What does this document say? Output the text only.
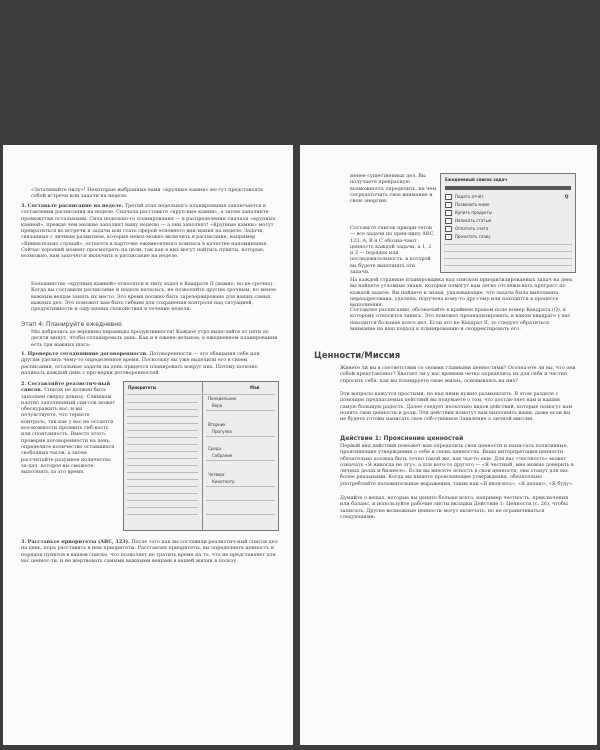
«Затачивайте пилу»! Некоторые выбранные вами «крупные камни» мо-гут представлять собой встречи или задачи на неделе.

3. Составьте расписание на неделе. Третий этап недельного планирования заключается в составлении расписания на неделе. Сначала расставьте «круп-ные камни», а затем заполните промежутки остальными. Сила недельно-го планирования — в распределении сначала «крупных камней», прежде чем мелкие заполнят вашу неделю — а они заполнят! «Крупные камни» могут превратиться во встречи и задачи или стать сферой основного вни-мания на неделе. Задачи, связанные с личным развитием, которые невоз-можно включить в расписание, например «Внимательно слушай», остается в карточке ежемесячного компаса в качестве напоминания. Сейчас хороший момент просмотреть на цели, так как в них могут найтись пункты, которые, возможно, вам захочется включить в расписание на неделе.

Большинство «крупных камней» относятся к типу задач в Квадрате II (важно, но не срочно). Когда вы составили расписание и неделя началась, не позволяйте другим срочным, но менее важным вещам занять их место. Это время должно быть зарезервировано для ваших самых важных дел. Это поможет вам быть гибким для сохранения контроля над ситуацией, продуктивности и ощу-щения спокойствия в течение недели.

Этап 4: Планируйте ежедневно

Мы добрались до вершины пирамиды продуктивности! Каждое утро выде-ляйте от пяти до десяти минут, чтобы спланировать день. Как и в еженe-дельном, в ежедневном планировании есть три важных шага:

1. Проверьте сегодняшние договоренности. Договоренности — это обещания себе или другим уделить чему-то определенное время. Поскольку вы уже выделили его в своем расписании, остальные задачи на день придется планировать вокруг них. Потому полезно начинать каждый день с про-верки договоренностей.
2. Составляйте реалистич-ный список. Список не должен быть заполнен сверху донизу. Слишком плотно заполненный спи-сок может обескуражить вас, и вы почувствуете, что теряете контроль, так как у вас не остается воз-можности проявить гиб-кость или спонтанность. Вместо этого, проверив договоренности на день, определите количество оставшихся свободных часов, а затем рассчитайте разумное количество за-дач, которое вы сможете выполнить за это время.
Приоритеты	Май
Понедельник
Вера
Вторник
Прогулка
Среда
Собрание
Четверг
Кинотеатр
3. Расставьте приоритеты (ABC, 123). После того как вы составили реалистич-ный список дел на день, пора расставить в нем приоритеты. Расставляя приоритеты, вы определяете ценность и порядок пунктов в вашем списке, что позволяет не тратить время на то, что не представляет для вас ценнос-ти, и не жертвовать самыми важными вещами в вашей жизни в пользу

менее существенных дел. Вы получаете прекрасную возможность определить, на чем сосредоточить свое внимание и свою энергию.

Ежедневный список задач
Подать отчёт
Позвонить маме
Купить продукты
Написать статью
Оплатить счета
Прочитать главу
Q

Составьте список приори-тетов — все задачи по прин-ципу ABC, 123. A, B и C обозна-чают ценность каждой задачи, а 1, 2 и 3 — порядок или последовательность, в которой вы будете выполнять эти задачи.

На каждой странице планировщика над списком приоритизированных задач на день вы найдете условные знаки, которые помогут вам легко отслежи-вать прогресс по каждой задаче. Вы найдете и знаки, указывающие, что задача была выполнена, переадресована, удалена, поручена кому-то дру-гому или находится в процессе выполнения.

Составляя расписание, обозначайте в крайнем правом поле номер Квадрата (Q), к которому относится запись. Это поможет проанализировать, в каком квадрате у вас находится большее всего дел. Если это не Квадрат II, то следует обратиться внимание на ваш подход к планированию и скорректировать его.

Ценности/Миссия

Живете ли вы в соответствии со своими главными ценностями? Осозна-ете ли вы, что они собой представляют? Хватает ли у вас времени четко определить их для себя и честно спросить себя, как вы планируете свою жизнь, основываясь на них?

Эти вопросы кажутся простыми, но над ними нужно размышлять. В этом разделе с помощью предлагаемых действий вы подумаете о том, что достав-ляет вам и вашим самую большую радость. Далее следует несколько видов действий, которые помогут вам понять свои ценности и роли. Эти действия помогут вам выполнить ваши, даже если вы не будете готовы написать свое соб-ственное Заявление о личной миссии.

Действие 1: Прояснение ценностей

Первый вид действий поможет вам определить свои ценности и напи-сать позитивные, проясняющие утверждения о себе и своих ценностях. Ваша интерпретация ценности обязательно должна быть точно такой же, как чья-то еще. Для вас «честность» может означать «Я никогда не лгу», а для кого-то другого — «Я честный, мне можно доверить в личных делах и бизнесе». Если вы внесете ясность в свои ценности, они станут для вас более реальными. Когда вы пишете проясняющие утверждения, обязательно употребляйте положительные выражения, такие как «Я явля-юсь», «Я делаю», «Я буду».

Думайте о вещах, которые вы цените больше всего, например честность, приключения или баланс, и используйте рабочие листы вкладки Действие 1: Ценности (с. 26), чтобы записать. Другие возможные ценности могут включать, но не ограничиваться следующими:
